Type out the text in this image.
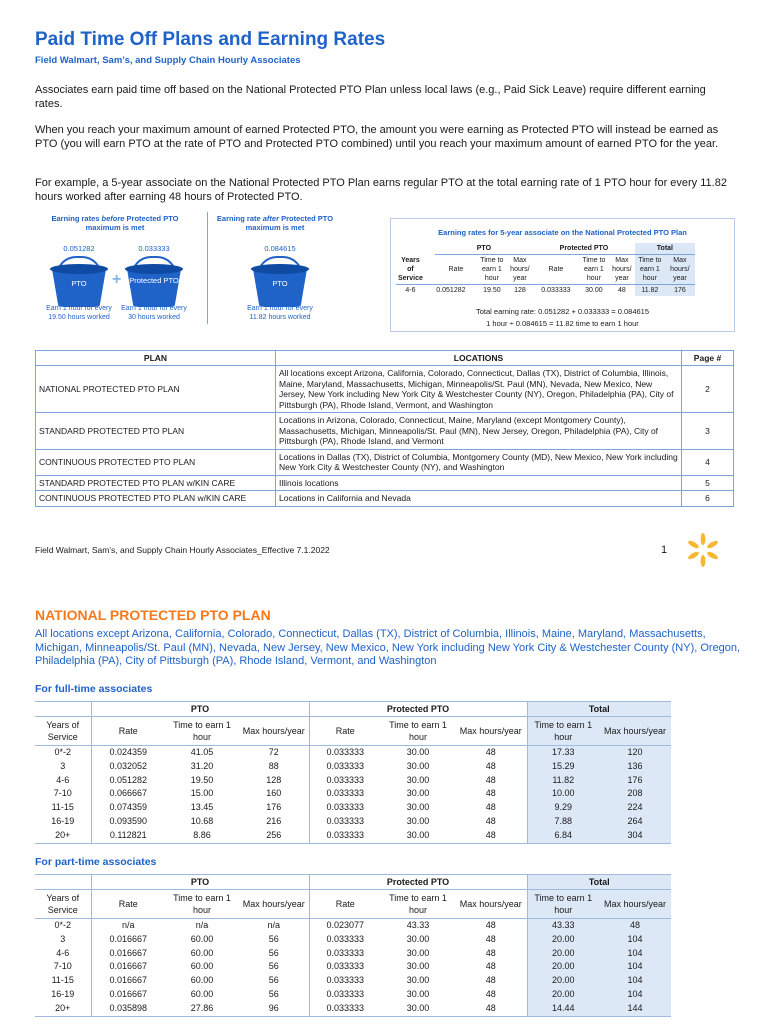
Paid Time Off Plans and Earning Rates
Field Walmart, Sam’s, and Supply Chain Hourly Associates

Associates earn paid time off based on the National Protected PTO Plan unless local laws (e.g., Paid Sick Leave) require different earning rates.

When you reach your maximum amount of earned Protected PTO, the amount you were earning as Protected PTO will instead be earned as PTO (you will earn PTO at the rate of PTO and Protected PTO combined) until you reach your maximum amount of earned PTO for the year.

For example, a 5-year associate on the National Protected PTO Plan earns regular PTO at the total earning rate of 1 PTO hour for every 11.82 hours worked after earning 48 hours of Protected PTO.

Earning rates before Protected PTO maximum is met
Earning rate after Protected PTO maximum is met
0.051282	0.033333	0.084615
PTO	+	Protected PTO	PTO
Earn 1 hour for every 19.50 hours worked
Earn 1 hour for every 30 hours worked
Earn 1 hour for every 11.82 hours worked
Earning rates for 5-year associate on the National Protected PTO Plan
		PTO			Protected PTO			Total	
Years of Service		Rate	Time to earn 1 hour	Max hours/ year	Rate	Time to earn 1 hour	Max hours/ year	Time to earn 1 hour	Max hours/ year
4-6	0.051282		19.50	128	0.033333	30.00	48	11.82	176
Total earning rate: 0.051282 + 0.033333 = 0.084615
1 hour ÷ 0.084615 = 11.82 time to earn 1 hour
PLAN	LOCATIONS	Page #
NATIONAL PROTECTED PTO PLAN	All locations except Arizona, California, Colorado, Connecticut, Dallas (TX), District of Columbia, Illinois, Maine, Maryland, Massachusetts, Michigan, Minneapolis/St. Paul (MN), Nevada, New Mexico, New Jersey, New York including New York City & Westchester County (NY), Oregon, Philadelphia (PA), City of Pittsburgh (PA), Rhode Island, Vermont, and Washington	2
STANDARD PROTECTED PTO PLAN	Locations in Arizona, Colorado, Connecticut, Maine, Maryland (except Montgomery County), Massachusetts, Michigan, Minneapolis/St. Paul (MN), New Jersey, Oregon, Philadelphia (PA), City of Pittsburgh (PA), Rhode Island, and Vermont	3
CONTINUOUS PROTECTED PTO PLAN	Locations in Dallas (TX), District of Columbia, Montgomery County (MD), New Mexico, New York including New York City & Westchester County (NY), and Washington	4
STANDARD PROTECTED PTO PLAN w/KIN CARE	Illinois locations	5
CONTINUOUS PROTECTED PTO PLAN w/KIN CARE	Locations in California and Nevada	6
Field Walmart, Sam’s, and Supply Chain Hourly Associates_Effective 7.1.2022	1
NATIONAL PROTECTED PTO PLAN
All locations except Arizona, California, Colorado, Connecticut, Dallas (TX), District of Columbia, Illinois, Maine, Maryland, Massachusetts, Michigan, Minneapolis/St. Paul (MN), Nevada, New Jersey, New Mexico, New York including New York City & Westchester County (NY), Oregon, Philadelphia (PA), City of Pittsburgh (PA), Rhode Island, Vermont, and Washington
For full-time associates
	PTO			Protected PTO			Total	
Years of Service	Rate	Time to earn 1 hour	Max hours/year	Rate	Time to earn 1 hour	Max hours/year	Time to earn 1 hour	Max hours/year
0*-2	0.024359	41.05	72	0.033333	30.00	48	17.33	120
3	0.032052	31.20	88	0.033333	30.00	48	15.29	136
4-6	0.051282	19.50	128	0.033333	30.00	48	11.82	176
7-10	0.066667	15.00	160	0.033333	30.00	48	10.00	208
11-15	0.074359	13.45	176	0.033333	30.00	48	9.29	224
16-19	0.093590	10.68	216	0.033333	30.00	48	7.88	264
20+	0.112821	8.86	256	0.033333	30.00	48	6.84	304
For part-time associates
	PTO			Protected PTO			Total	
Years of Service	Rate	Time to earn 1 hour	Max hours/year	Rate	Time to earn 1 hour	Max hours/year	Time to earn 1 hour	Max hours/year
0*-2	n/a	n/a	n/a	0.023077	43.33	48	43.33	48
3	0.016667	60.00	56	0.033333	30.00	48	20.00	104
4-6	0.016667	60.00	56	0.033333	30.00	48	20.00	104
7-10	0.016667	60.00	56	0.033333	30.00	48	20.00	104
11-15	0.016667	60.00	56	0.033333	30.00	48	20.00	104
16-19	0.016667	60.00	56	0.033333	30.00	48	20.00	104
20+	0.035898	27.86	96	0.033333	30.00	48	14.44	144
